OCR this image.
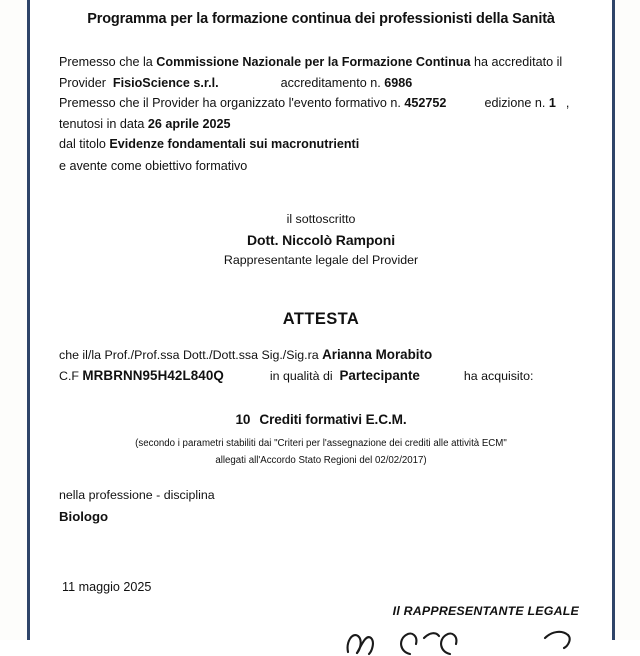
Programma per la formazione continua dei professionisti della Sanità
Premesso che la Commissione Nazionale per la Formazione Continua ha accreditato il
Provider  FisioScience s.r.l.	accreditamento n. 6986
Premesso che il Provider ha organizzato l'evento formativo n. 452752	edizione n. 1 ,
tenutosi in data 26 aprile 2025
dal titolo Evidenze fondamentali sui macronutrienti
e avente come obiettivo formativo
il sottoscritto
Dott. Niccolò Ramponi
Rappresentante legale del Provider
ATTESTA
che il/la Prof./Prof.ssa Dott./Dott.ssa Sig./Sig.ra Arianna Morabito
C.F MRBRNN95H42L840Q	in qualità di  Partecipante	ha acquisito:
10 Crediti formativi E.C.M.
(secondo i parametri stabiliti dai "Criteri per l'assegnazione dei crediti alle attività ECM"
allegati all'Accordo Stato Regioni del 02/02/2017)
nella professione - disciplina
Biologo
11 maggio 2025
Il RAPPRESENTANTE LEGALE
